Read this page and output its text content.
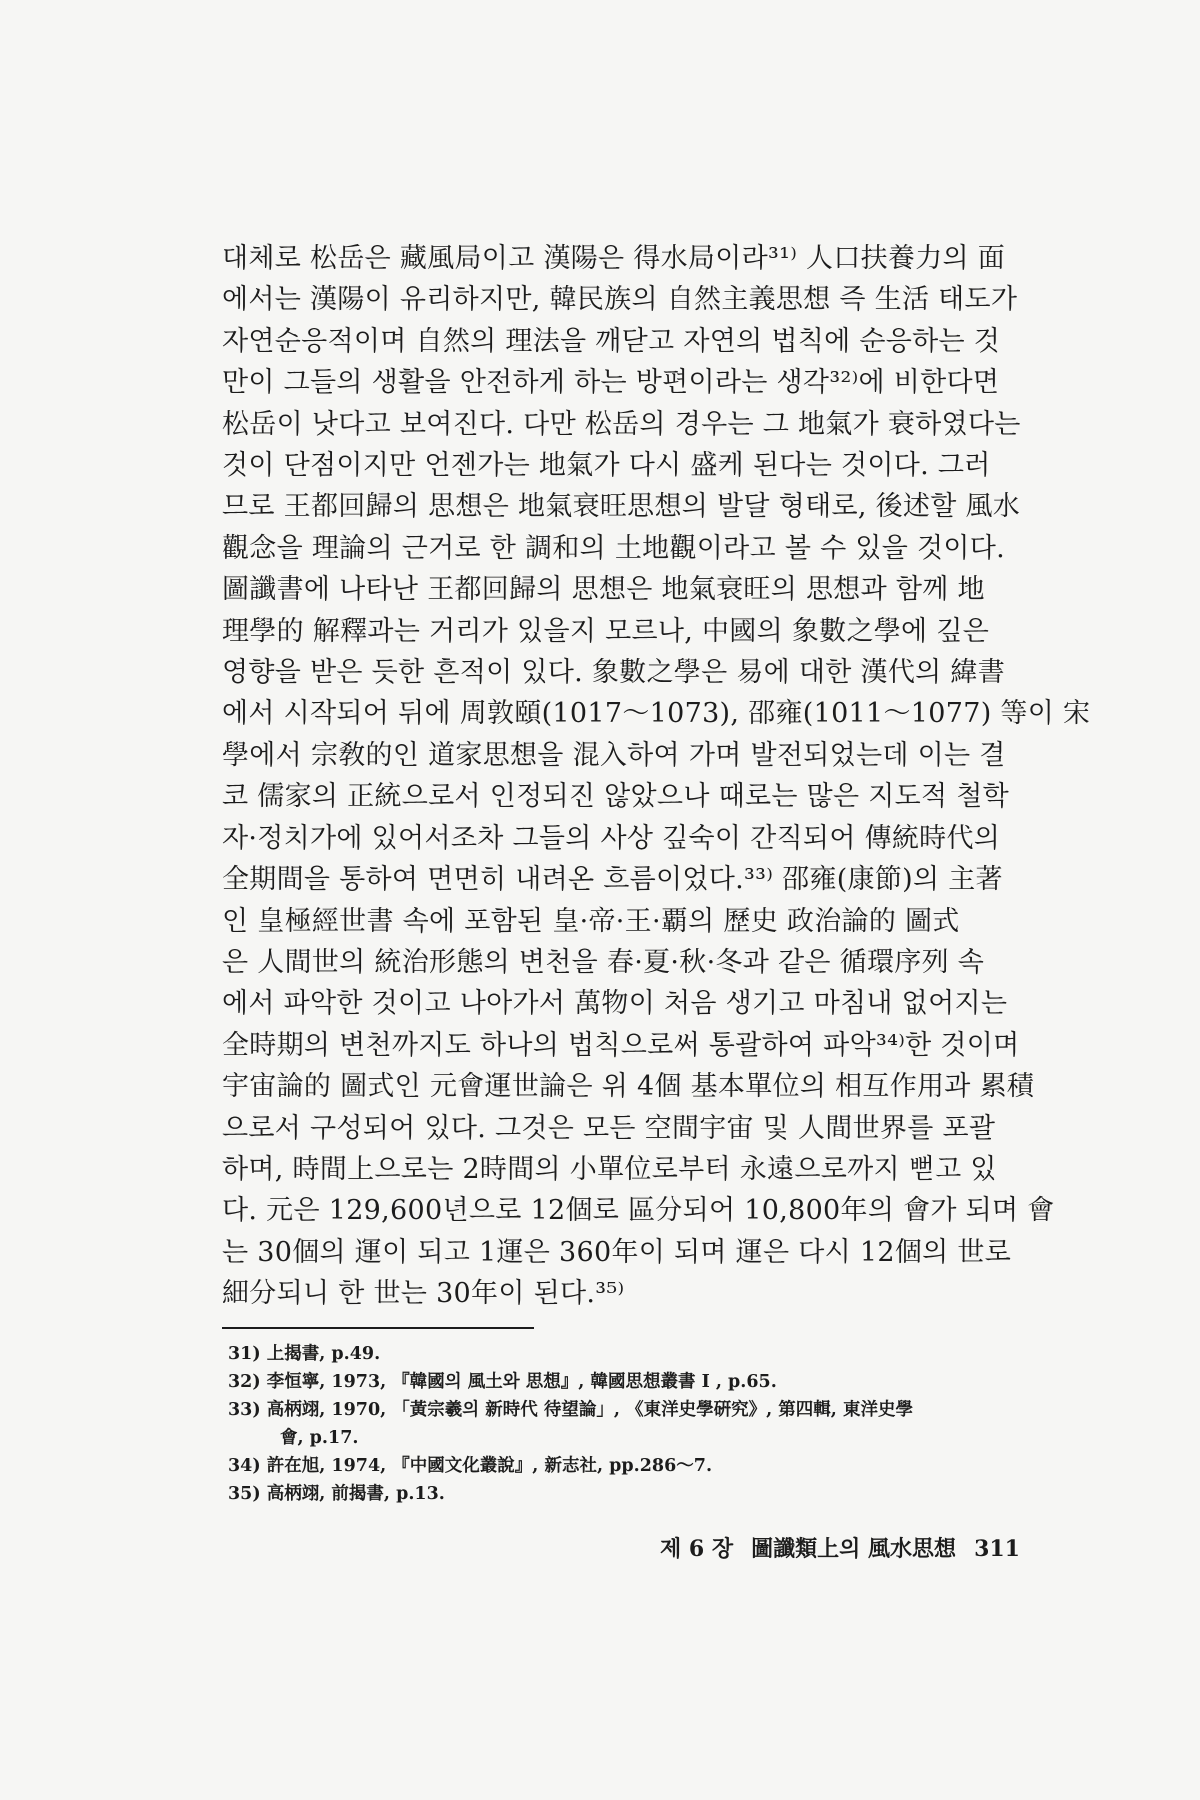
대체로 松岳은 藏風局이고 漢陽은 得水局이라³¹⁾ 人口扶養力의 面
에서는 漢陽이 유리하지만, 韓民族의 自然主義思想 즉 生活 태도가
자연순응적이며 自然의 理法을 깨닫고 자연의 법칙에 순응하는 것
만이 그들의 생활을 안전하게 하는 방편이라는 생각³²⁾에 비한다면
松岳이 낫다고 보여진다. 다만 松岳의 경우는 그 地氣가 衰하였다는
것이 단점이지만 언젠가는 地氣가 다시 盛케 된다는 것이다. 그러
므로 王都回歸의 思想은 地氣衰旺思想의 발달 형태로, 後述할 風水
觀念을 理論의 근거로 한 調和의 土地觀이라고 볼 수 있을 것이다.
圖讖書에 나타난 王都回歸의 思想은 地氣衰旺의 思想과 함께 地
理學的 解釋과는 거리가 있을지 모르나, 中國의 象數之學에 깊은
영향을 받은 듯한 흔적이 있다. 象數之學은 易에 대한 漢代의 緯書
에서 시작되어 뒤에 周敦頤(1017～1073), 邵雍(1011～1077) 等이 宋
學에서 宗敎的인 道家思想을 混入하여 가며 발전되었는데 이는 결
코 儒家의 正統으로서 인정되진 않았으나 때로는 많은 지도적 철학
자·정치가에 있어서조차 그들의 사상 깊숙이 간직되어 傳統時代의
全期間을 통하여 면면히 내려온 흐름이었다.³³⁾ 邵雍(康節)의 主著
인 皇極經世書 속에 포함된 皇·帝·王·覇의 歷史 政治論的 圖式
은 人間世의 統治形態의 변천을 春·夏·秋·冬과 같은 循環序列 속
에서 파악한 것이고 나아가서 萬物이 처음 생기고 마침내 없어지는
全時期의 변천까지도 하나의 법칙으로써 통괄하여 파악³⁴⁾한 것이며
宇宙論的 圖式인 元會運世論은 위 4個 基本單位의 相互作用과 累積
으로서 구성되어 있다. 그것은 모든 空間宇宙 및 人間世界를 포괄
하며, 時間上으로는 2時間의 小單位로부터 永遠으로까지 뻗고 있
다. 元은 129,600년으로 12個로 區分되어 10,800年의 會가 되며 會
는 30個의 運이 되고 1運은 360年이 되며 運은 다시 12個의 世로
細分되니 한 世는 30年이 된다.³⁵⁾
31) 上揭書, p.49.
32) 李恒寧, 1973, 『韓國의 風土와 思想』, 韓國思想叢書 I , p.65.
33) 高柄翊, 1970, 「黃宗羲의 新時代 待望論」, 《東洋史學硏究》, 第四輯, 東洋史學
會, p.17.
34) 許在旭, 1974, 『中國文化叢說』, 新志社, pp.286～7.
35) 高柄翊, 前揭書, p.13.
제 6 장 圖讖類上의 風水思想 311
